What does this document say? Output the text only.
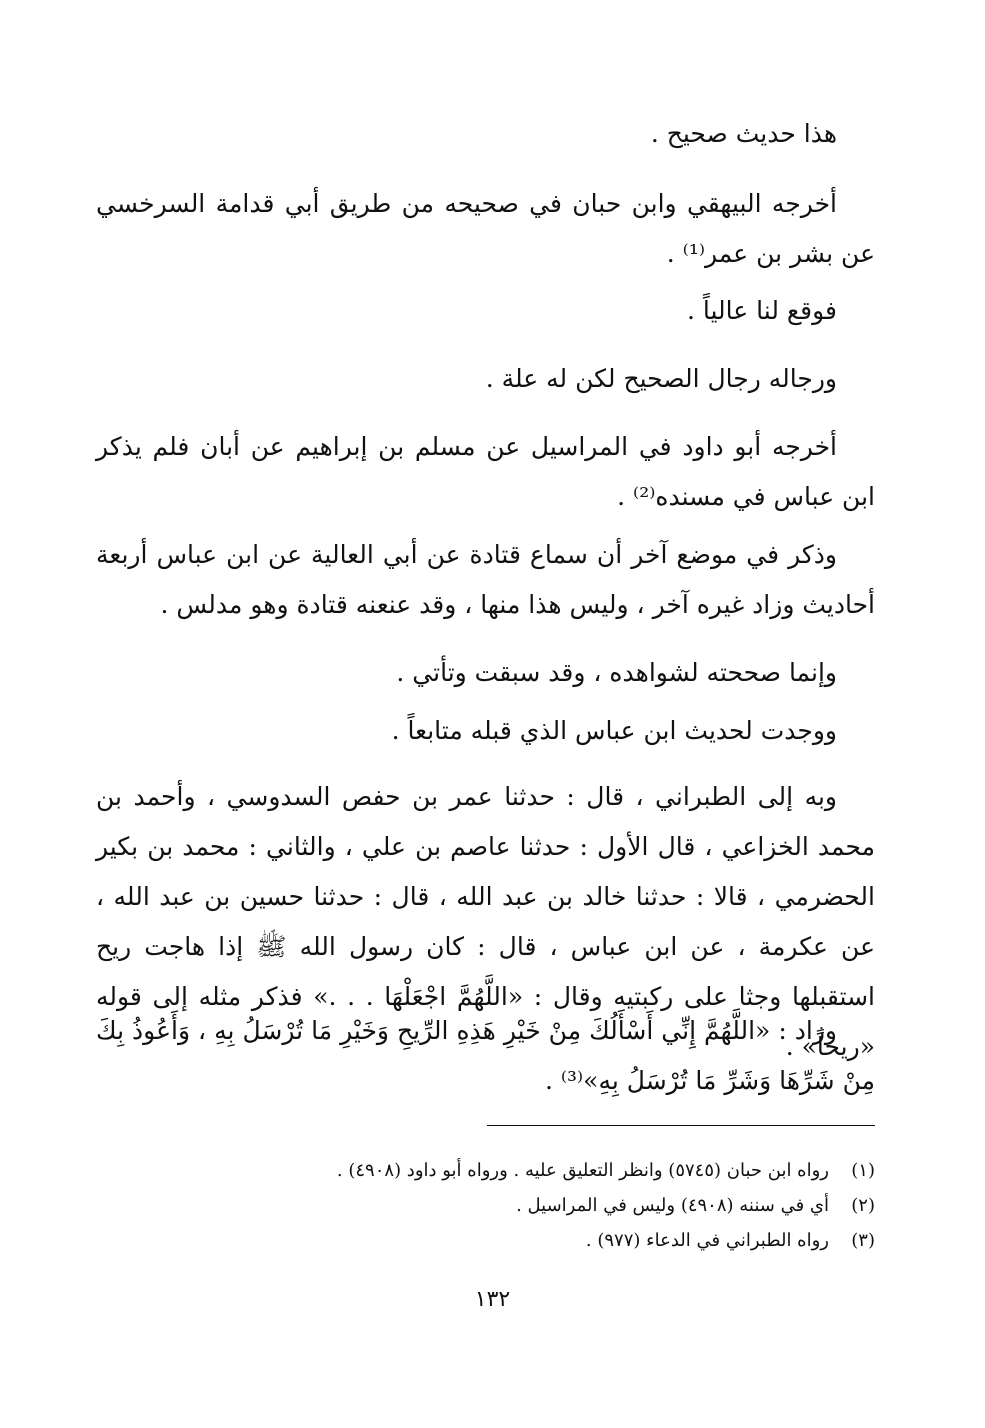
هذا حديث صحيح .
أخرجه البيهقي وابن حبان في صحيحه من طريق أبي قدامة السرخسي عن بشر بن عمر⁽¹⁾ .
فوقع لنا عالياً .
ورجاله رجال الصحيح لكن له علة .
أخرجه أبو داود في المراسيل عن مسلم بن إبراهيم عن أبان فلم يذكر ابن عباس في مسنده⁽²⁾ .
وذكر في موضع آخر أن سماع قتادة عن أبي العالية عن ابن عباس أربعة أحاديث وزاد غيره آخر ، وليس هذا منها ، وقد عنعنه قتادة وهو مدلس .
وإنما صححته لشواهده ، وقد سبقت وتأتي .
ووجدت لحديث ابن عباس الذي قبله متابعاً .
وبه إلى الطبراني ، قال : حدثنا عمر بن حفص السدوسي ، وأحمد بن محمد الخزاعي ، قال الأول : حدثنا عاصم بن علي ، والثاني : محمد بن بكير الحضرمي ، قالا : حدثنا خالد بن عبد الله ، قال : حدثنا حسين بن عبد الله ، عن عكرمة ، عن ابن عباس ، قال : كان رسول الله ﷺ إذا هاجت ريح استقبلها وجثا على ركبتيه وقال : «اللَّهُمَّ اجْعَلْهَا . . .» فذكر مثله إلى قوله «ريحاً» .
وزاد : «اللَّهُمَّ إِنِّي أَسْأَلُكَ مِنْ خَيْرِ هَذِهِ الرِّيحِ وَخَيْرِ مَا تُرْسَلُ بِهِ ، وَأَعُوذُ بِكَ مِنْ شَرِّهَا وَشَرِّ مَا تُرْسَلُ بِهِ»⁽³⁾ .
(١)رواه ابن حبان (٥٧٤٥) وانظر التعليق عليه . ورواه أبو داود (٤٩٠٨) .
(٢)أي في سننه (٤٩٠٨) وليس في المراسيل .
(٣)رواه الطبراني في الدعاء (٩٧٧) .
١٣٢
